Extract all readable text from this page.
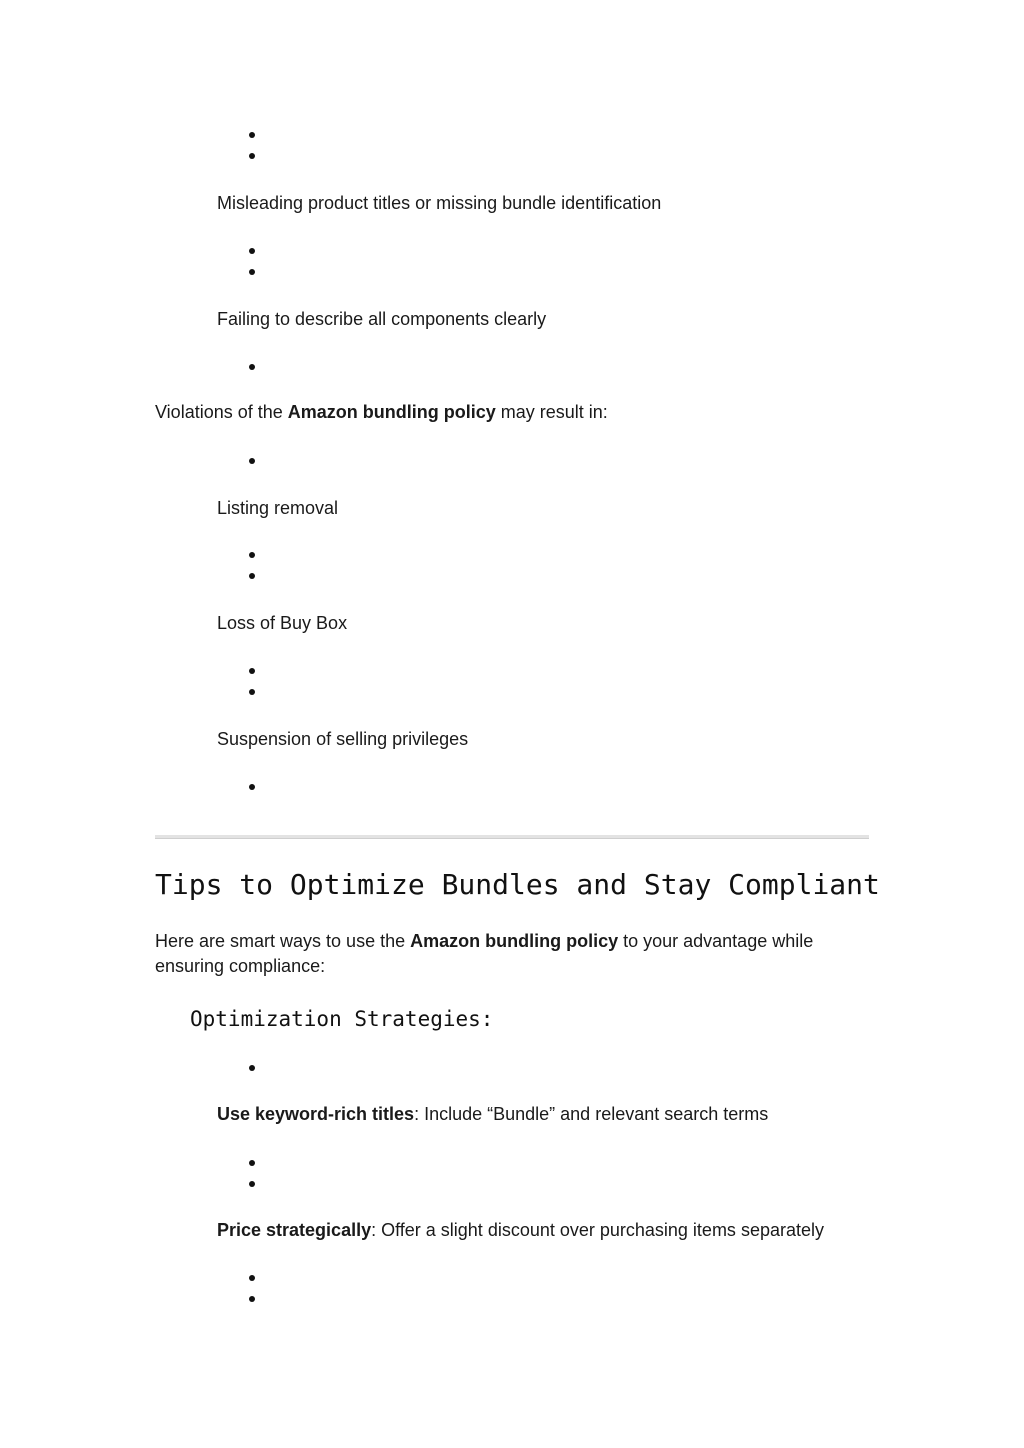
Misleading product titles or missing bundle identification
Failing to describe all components clearly
Violations of the Amazon bundling policy may result in:
Listing removal
Loss of Buy Box
Suspension of selling privileges
Tips to Optimize Bundles and Stay Compliant
Here are smart ways to use the Amazon bundling policy to your advantage while ensuring compliance:
Optimization Strategies:
Use keyword-rich titles: Include “Bundle” and relevant search terms
Price strategically: Offer a slight discount over purchasing items separately
